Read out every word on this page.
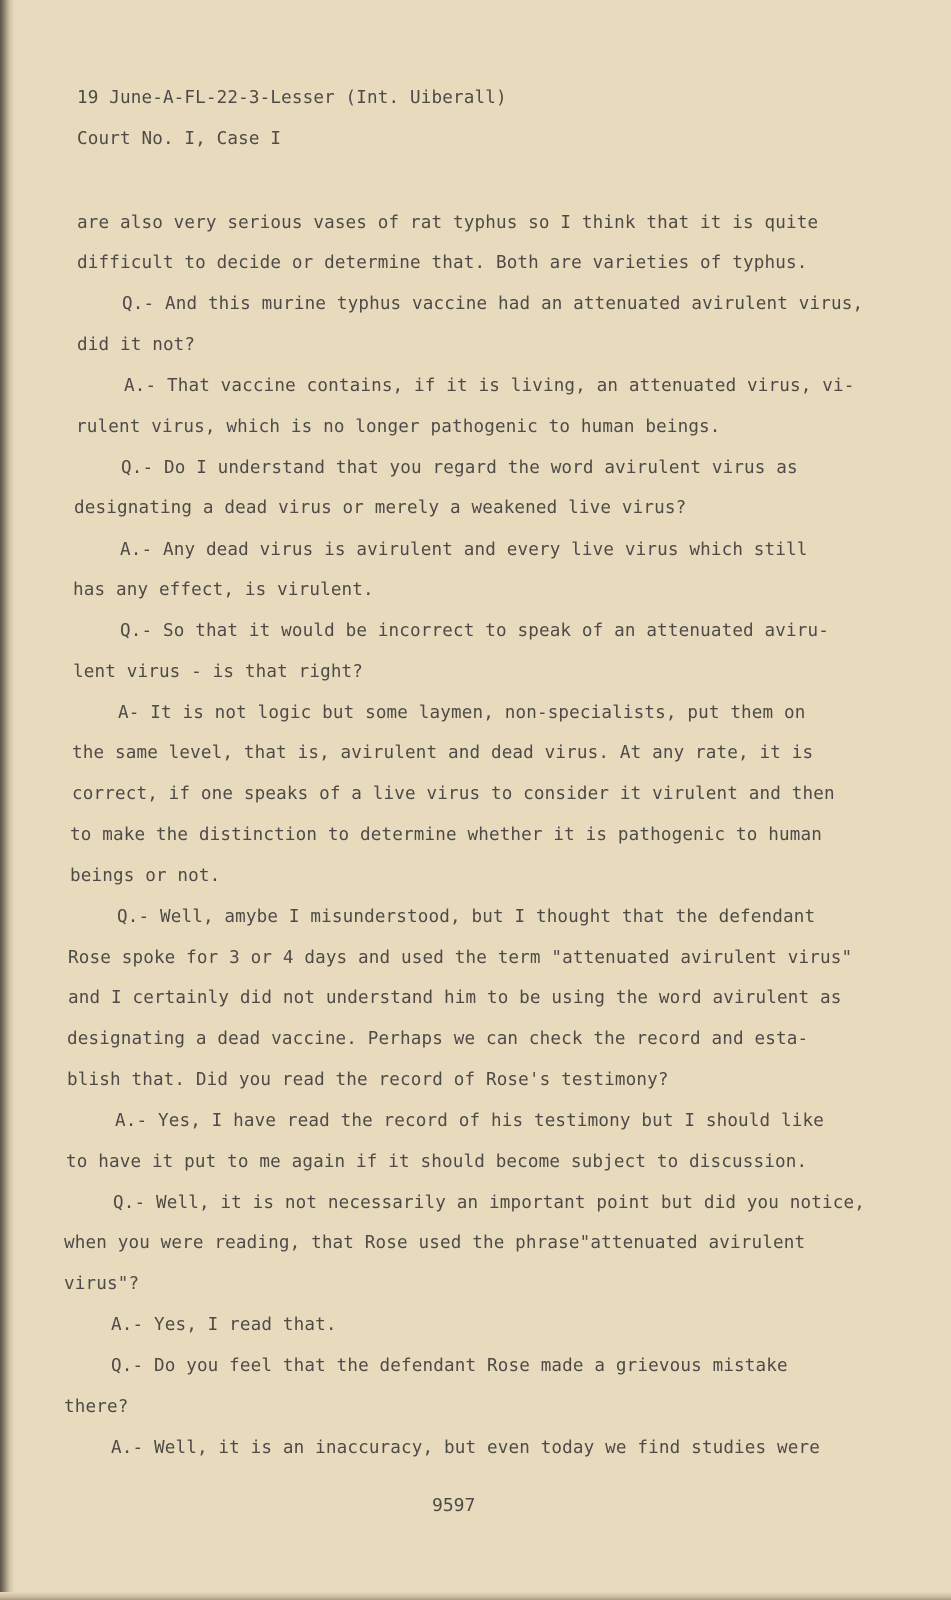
19 June-A-FL-22-3-Lesser (Int. Uiberall)
Court No. I, Case I
are also very serious vases of rat typhus so I think that it is quite
difficult to decide or determine that. Both are varieties of typhus.
Q.- And this murine typhus vaccine had an attenuated avirulent virus,
did it not?
A.- That vaccine contains, if it is living, an attenuated virus, vi-
rulent virus, which is no longer pathogenic to human beings.
Q.- Do I understand that you regard the word avirulent virus as
designating a dead virus or merely a weakened live virus?
A.- Any dead virus is avirulent and every live virus which still
has any effect, is virulent.
Q.- So that it would be incorrect to speak of an attenuated aviru-
lent virus - is that right?
A- It is not logic but some laymen, non-specialists, put them on
the same level, that is, avirulent and dead virus. At any rate, it is
correct, if one speaks of a live virus to consider it virulent and then
to make the distinction to determine whether it is pathogenic to human
beings or not.
Q.- Well, amybe I misunderstood, but I thought that the defendant
Rose spoke for 3 or 4 days and used the term "attenuated avirulent virus"
and I certainly did not understand him to be using the word avirulent as
designating a dead vaccine. Perhaps we can check the record and esta-
blish that. Did you read the record of Rose's testimony?
A.- Yes, I have read the record of his testimony but I should like
to have it put to me again if it should become subject to discussion.
Q.- Well, it is not necessarily an important point but did you notice,
when you were reading, that Rose used the phrase"attenuated avirulent
virus"?
A.- Yes, I read that.
Q.- Do you feel that the defendant Rose made a grievous mistake
there?
A.- Well, it is an inaccuracy, but even today we find studies were
9597
